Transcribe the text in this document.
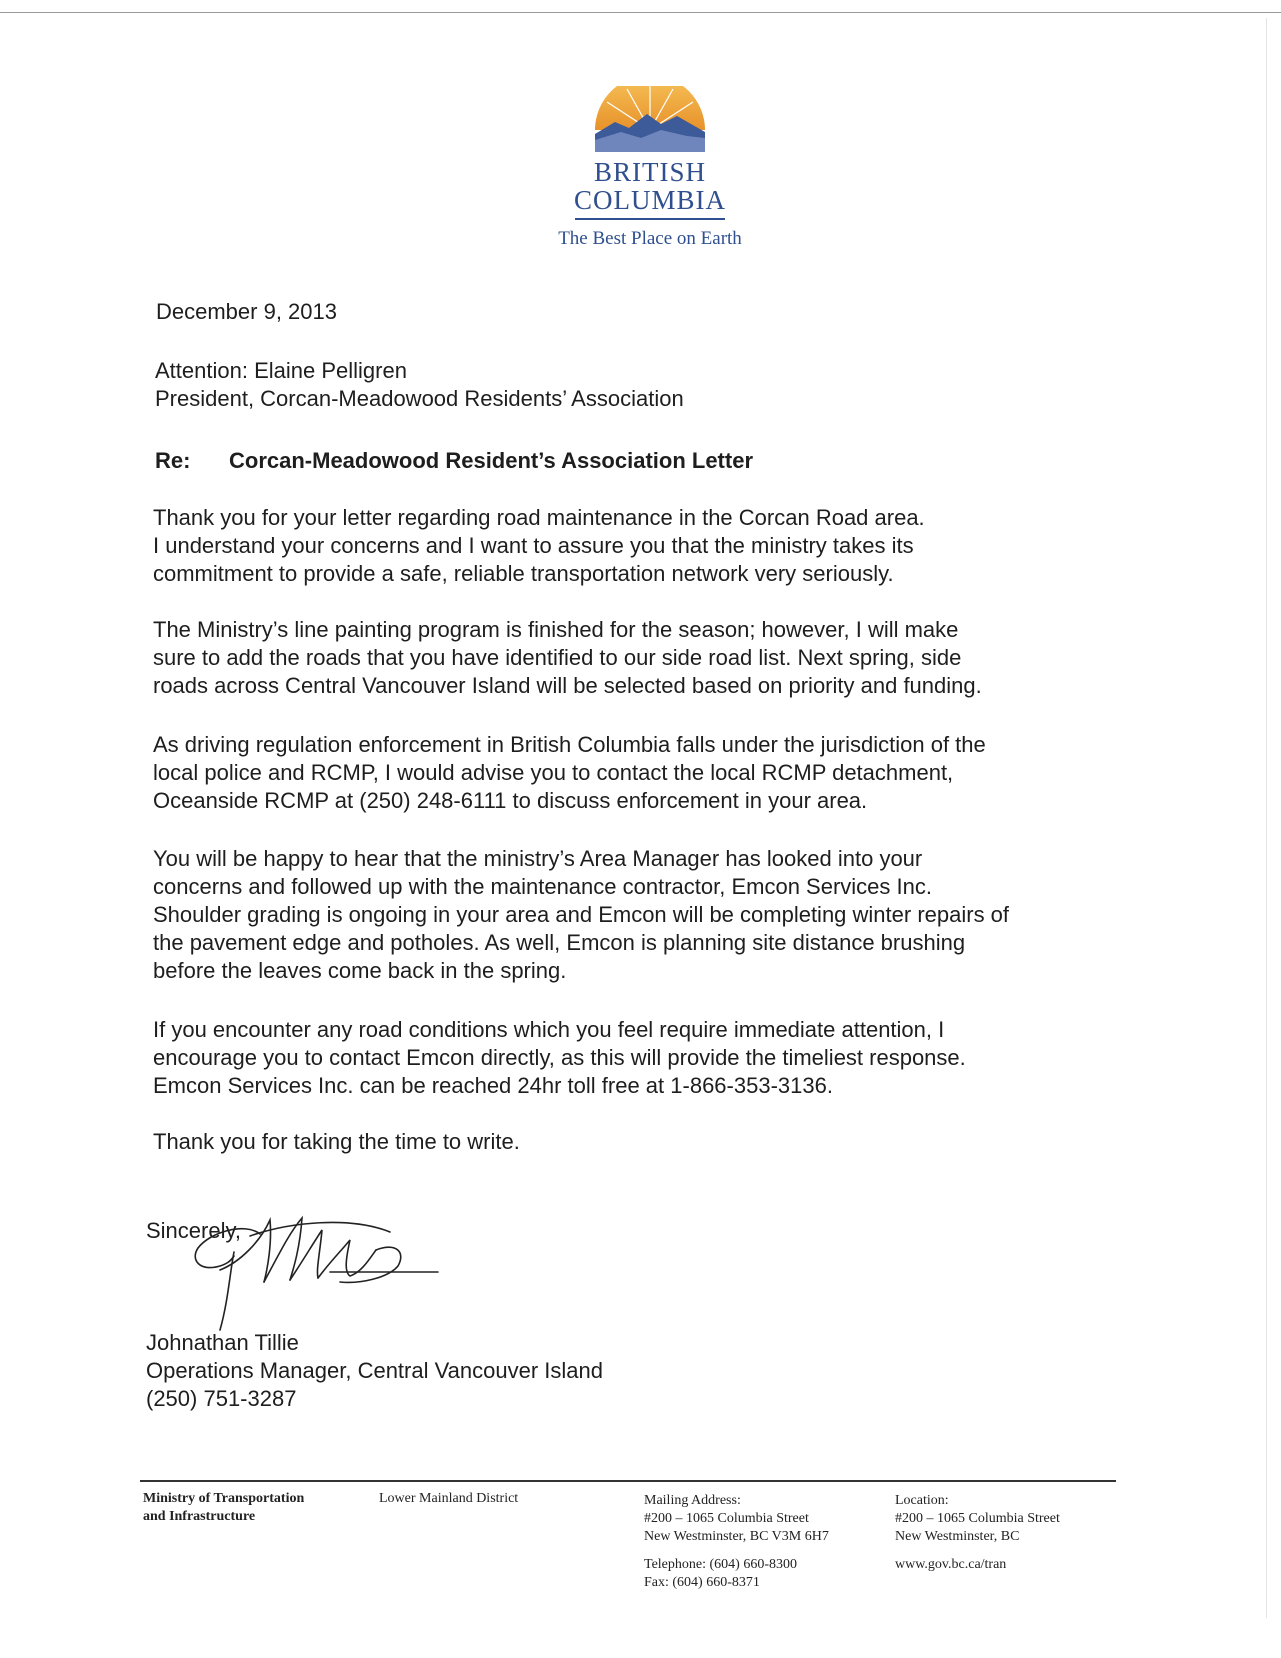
BRITISH
COLUMBIA
The Best Place on Earth
December 9, 2013
Attention: Elaine Pelligren
President, Corcan-Meadowood Residents’ Association
Re: Corcan-Meadowood Resident’s Association Letter
Thank you for your letter regarding road maintenance in the Corcan Road area.
I understand your concerns and I want to assure you that the ministry takes its
commitment to provide a safe, reliable transportation network very seriously.
The Ministry’s line painting program is finished for the season; however, I will make
sure to add the roads that you have identified to our side road list. Next spring, side
roads across Central Vancouver Island will be selected based on priority and funding.
As driving regulation enforcement in British Columbia falls under the jurisdiction of the
local police and RCMP, I would advise you to contact the local RCMP detachment,
Oceanside RCMP at (250) 248-6111 to discuss enforcement in your area.
You will be happy to hear that the ministry’s Area Manager has looked into your
concerns and followed up with the maintenance contractor, Emcon Services Inc.
Shoulder grading is ongoing in your area and Emcon will be completing winter repairs of
the pavement edge and potholes. As well, Emcon is planning site distance brushing
before the leaves come back in the spring.
If you encounter any road conditions which you feel require immediate attention, I
encourage you to contact Emcon directly, as this will provide the timeliest response.
Emcon Services Inc. can be reached 24hr toll free at 1-866-353-3136.
Thank you for taking the time to write.
Sincerely,
Johnathan Tillie
Operations Manager, Central Vancouver Island
(250) 751-3287
Ministry of Transportation
and Infrastructure
Lower Mainland District	Mailing Address:
#200 – 1065 Columbia Street
New Westminster, BC V3M 6H7
Telephone: (604) 660-8300
Fax: (604) 660-8371
Location:
#200 – 1065 Columbia Street
New Westminster, BC
www.gov.bc.ca/tran
